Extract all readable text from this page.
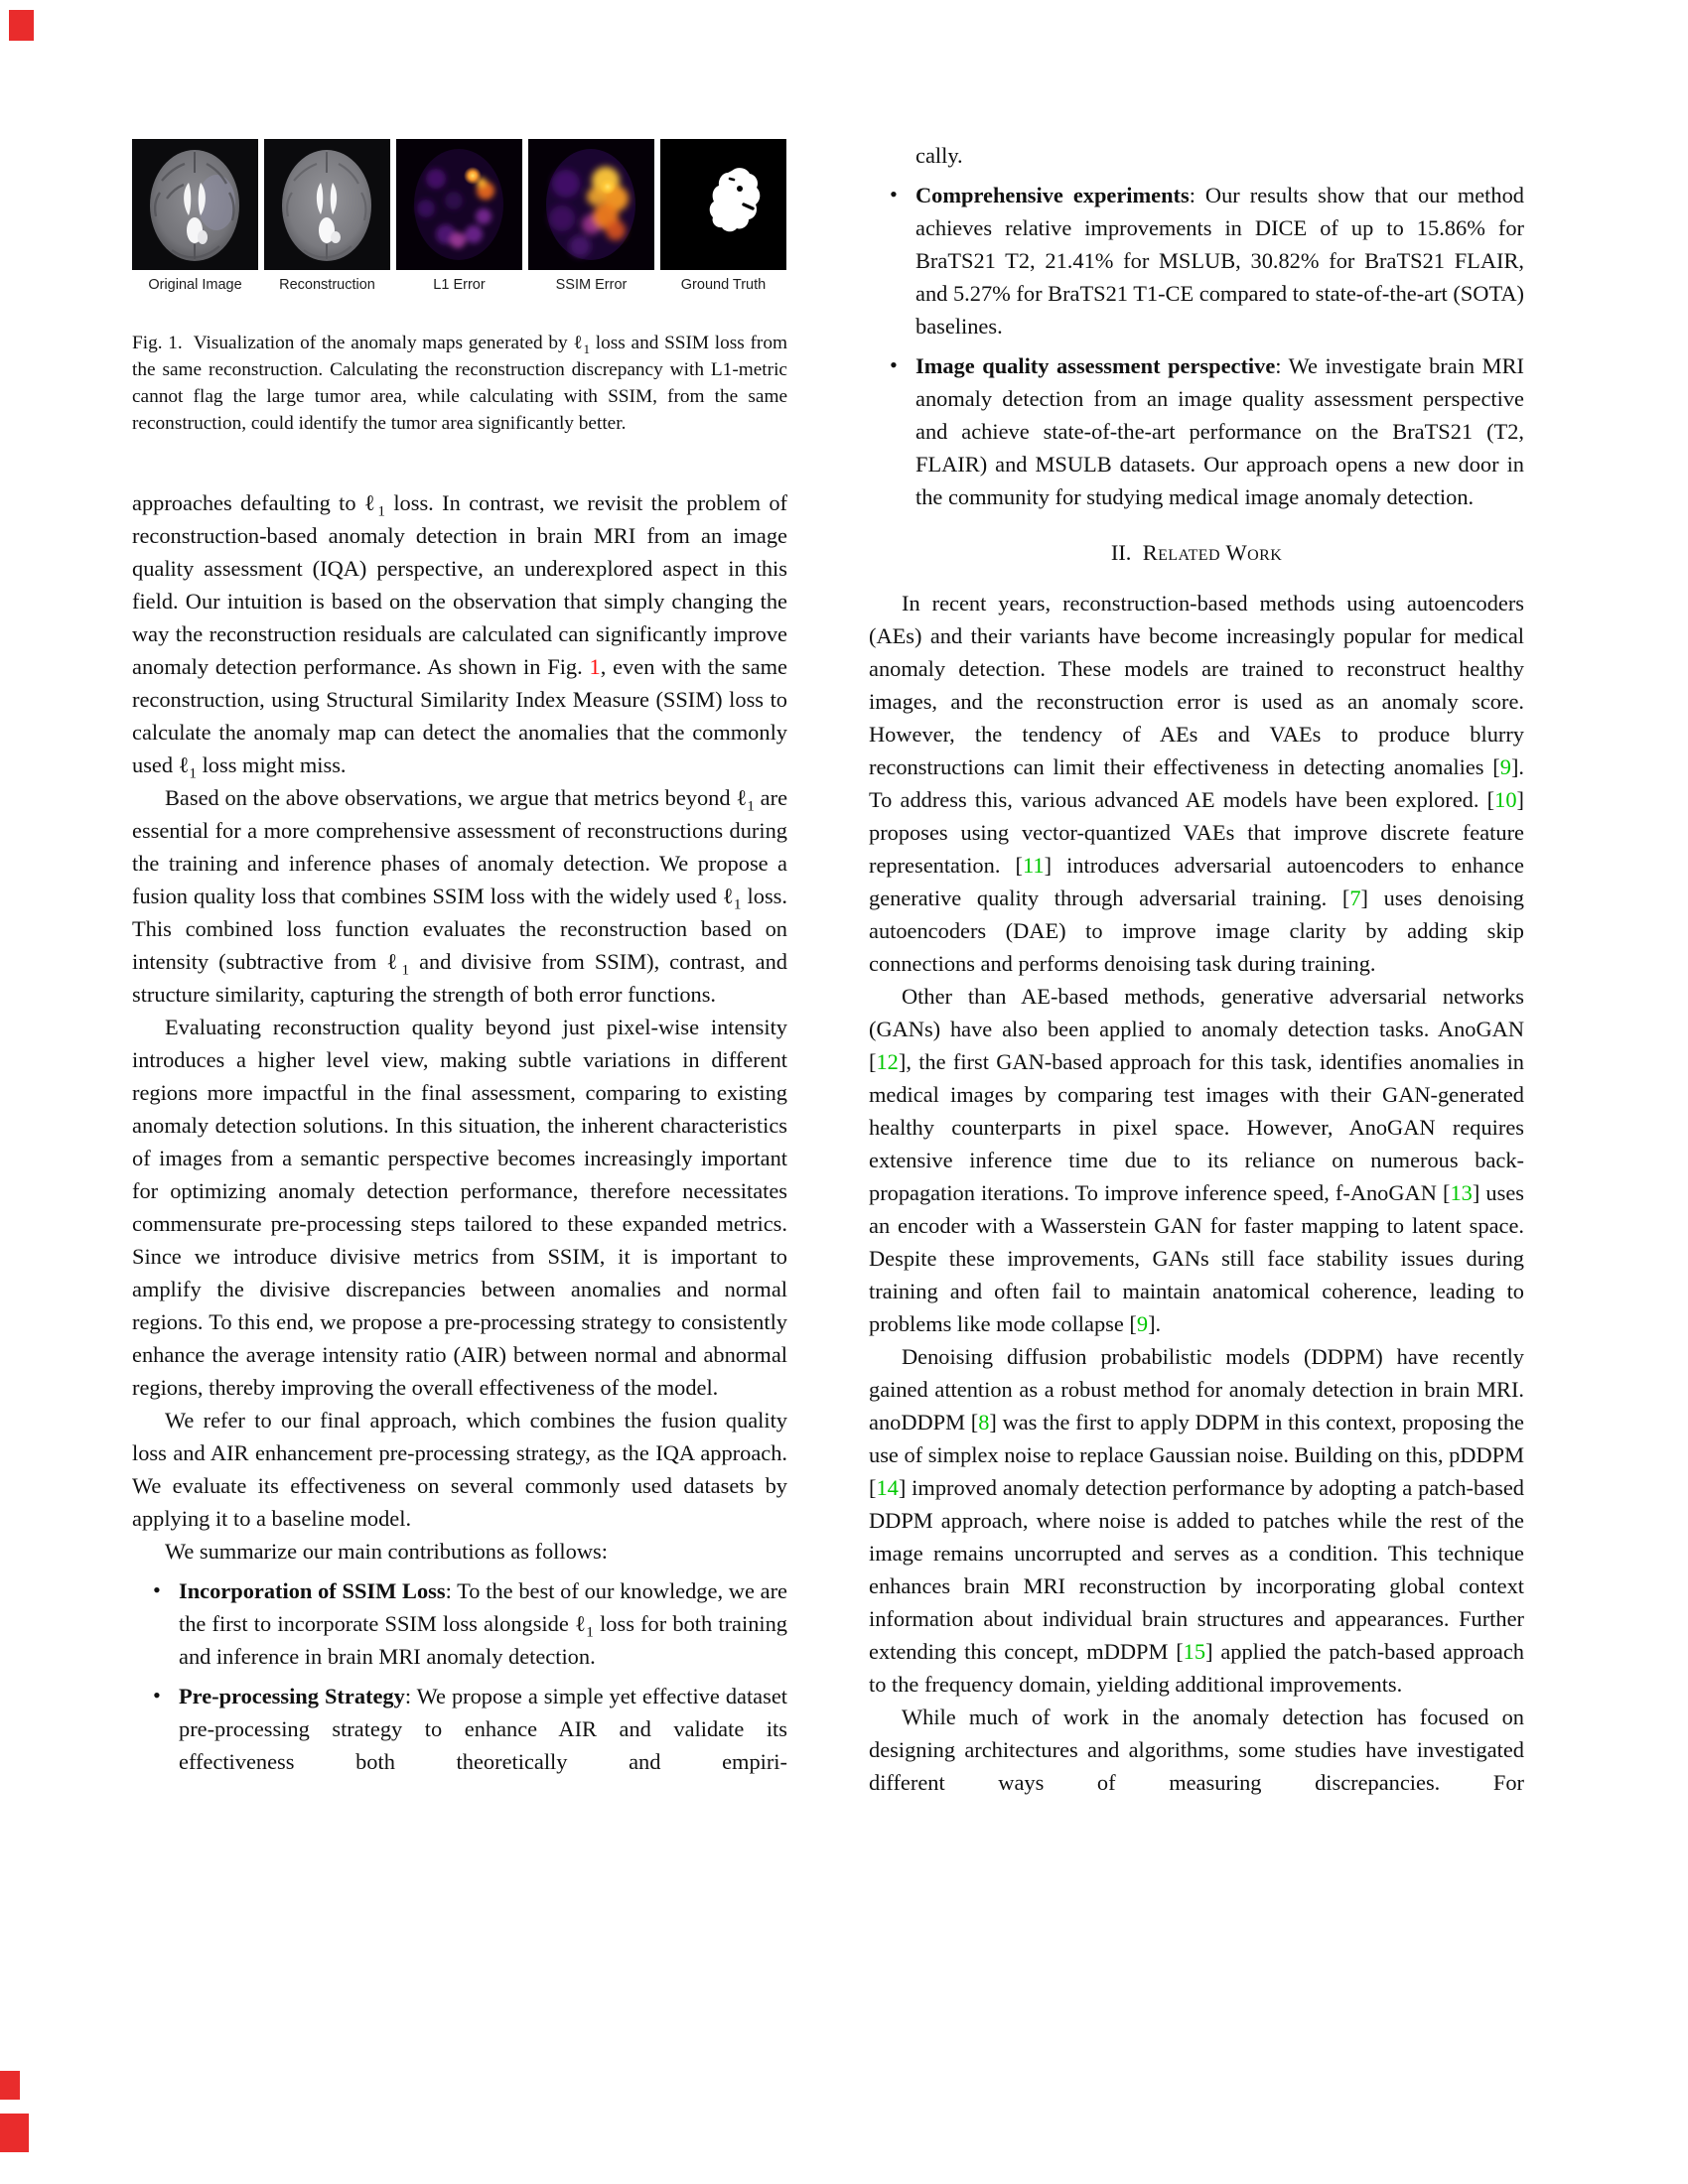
Original Image	Reconstruction	L1 Error	SSIM Error	Ground Truth
Fig. 1.  Visualization of the anomaly maps generated by ℓ$_1$ loss and SSIM loss from the same reconstruction. Calculating the reconstruction discrepancy with L1-metric cannot flag the large tumor area, while calculating with SSIM, from the same reconstruction, could identify the tumor area significantly better.
approaches defaulting to ℓ$_1$ loss. In contrast, we revisit the problem of reconstruction-based anomaly detection in brain MRI from an image quality assessment (IQA) perspective, an underexplored aspect in this field. Our intuition is based on the observation that simply changing the way the reconstruction residuals are calculated can significantly improve anomaly detection performance. As shown in Fig. 1, even with the same reconstruction, using Structural Similarity Index Measure (SSIM) loss to calculate the anomaly map can detect the anomalies that the commonly used ℓ$_1$ loss might miss.
Based on the above observations, we argue that metrics beyond ℓ$_1$ are essential for a more comprehensive assessment of reconstructions during the training and inference phases of anomaly detection. We propose a fusion quality loss that combines SSIM loss with the widely used ℓ$_1$ loss. This combined loss function evaluates the reconstruction based on intensity (subtractive from ℓ$_1$ and divisive from SSIM), contrast, and structure similarity, capturing the strength of both error functions.
Evaluating reconstruction quality beyond just pixel-wise intensity introduces a higher level view, making subtle variations in different regions more impactful in the final assessment, comparing to existing anomaly detection solutions. In this situation, the inherent characteristics of images from a semantic perspective becomes increasingly important for optimizing anomaly detection performance, therefore necessitates commensurate pre-processing steps tailored to these expanded metrics. Since we introduce divisive metrics from SSIM, it is important to amplify the divisive discrepancies between anomalies and normal regions. To this end, we propose a pre-processing strategy to consistently enhance the average intensity ratio (AIR) between normal and abnormal regions, thereby improving the overall effectiveness of the model.
We refer to our final approach, which combines the fusion quality loss and AIR enhancement pre-processing strategy, as the IQA approach. We evaluate its effectiveness on several commonly used datasets by applying it to a baseline model.
We summarize our main contributions as follows:
• Incorporation of SSIM Loss: To the best of our knowledge, we are the first to incorporate SSIM loss alongside ℓ$_1$ loss for both training and inference in brain MRI anomaly detection.
• Pre-processing Strategy: We propose a simple yet effective dataset pre-processing strategy to enhance AIR and validate its effectiveness both theoretically and empiri-
cally.
• Comprehensive experiments: Our results show that our method achieves relative improvements in DICE of up to 15.86% for BraTS21 T2, 21.41% for MSLUB, 30.82% for BraTS21 FLAIR, and 5.27% for BraTS21 T1-CE compared to state-of-the-art (SOTA) baselines.
• Image quality assessment perspective: We investigate brain MRI anomaly detection from an image quality assessment perspective and achieve state-of-the-art performance on the BraTS21 (T2, FLAIR) and MSULB datasets. Our approach opens a new door in the community for studying medical image anomaly detection.
II. Related Work
In recent years, reconstruction-based methods using autoencoders (AEs) and their variants have become increasingly popular for medical anomaly detection. These models are trained to reconstruct healthy images, and the reconstruction error is used as an anomaly score. However, the tendency of AEs and VAEs to produce blurry reconstructions can limit their effectiveness in detecting anomalies [9]. To address this, various advanced AE models have been explored. [10] proposes using vector-quantized VAEs that improve discrete feature representation. [11] introduces adversarial autoencoders to enhance generative quality through adversarial training. [7] uses denoising autoencoders (DAE) to improve image clarity by adding skip connections and performs denoising task during training.
Other than AE-based methods, generative adversarial networks (GANs) have also been applied to anomaly detection tasks. AnoGAN [12], the first GAN-based approach for this task, identifies anomalies in medical images by comparing test images with their GAN-generated healthy counterparts in pixel space. However, AnoGAN requires extensive inference time due to its reliance on numerous back-propagation iterations. To improve inference speed, f-AnoGAN [13] uses an encoder with a Wasserstein GAN for faster mapping to latent space. Despite these improvements, GANs still face stability issues during training and often fail to maintain anatomical coherence, leading to problems like mode collapse [9].
Denoising diffusion probabilistic models (DDPM) have recently gained attention as a robust method for anomaly detection in brain MRI. anoDDPM [8] was the first to apply DDPM in this context, proposing the use of simplex noise to replace Gaussian noise. Building on this, pDDPM [14] improved anomaly detection performance by adopting a patch-based DDPM approach, where noise is added to patches while the rest of the image remains uncorrupted and serves as a condition. This technique enhances brain MRI reconstruction by incorporating global context information about individual brain structures and appearances. Further extending this concept, mDDPM [15] applied the patch-based approach to the frequency domain, yielding additional improvements.
While much of work in the anomaly detection has focused on designing architectures and algorithms, some studies have investigated different ways of measuring discrepancies. For
